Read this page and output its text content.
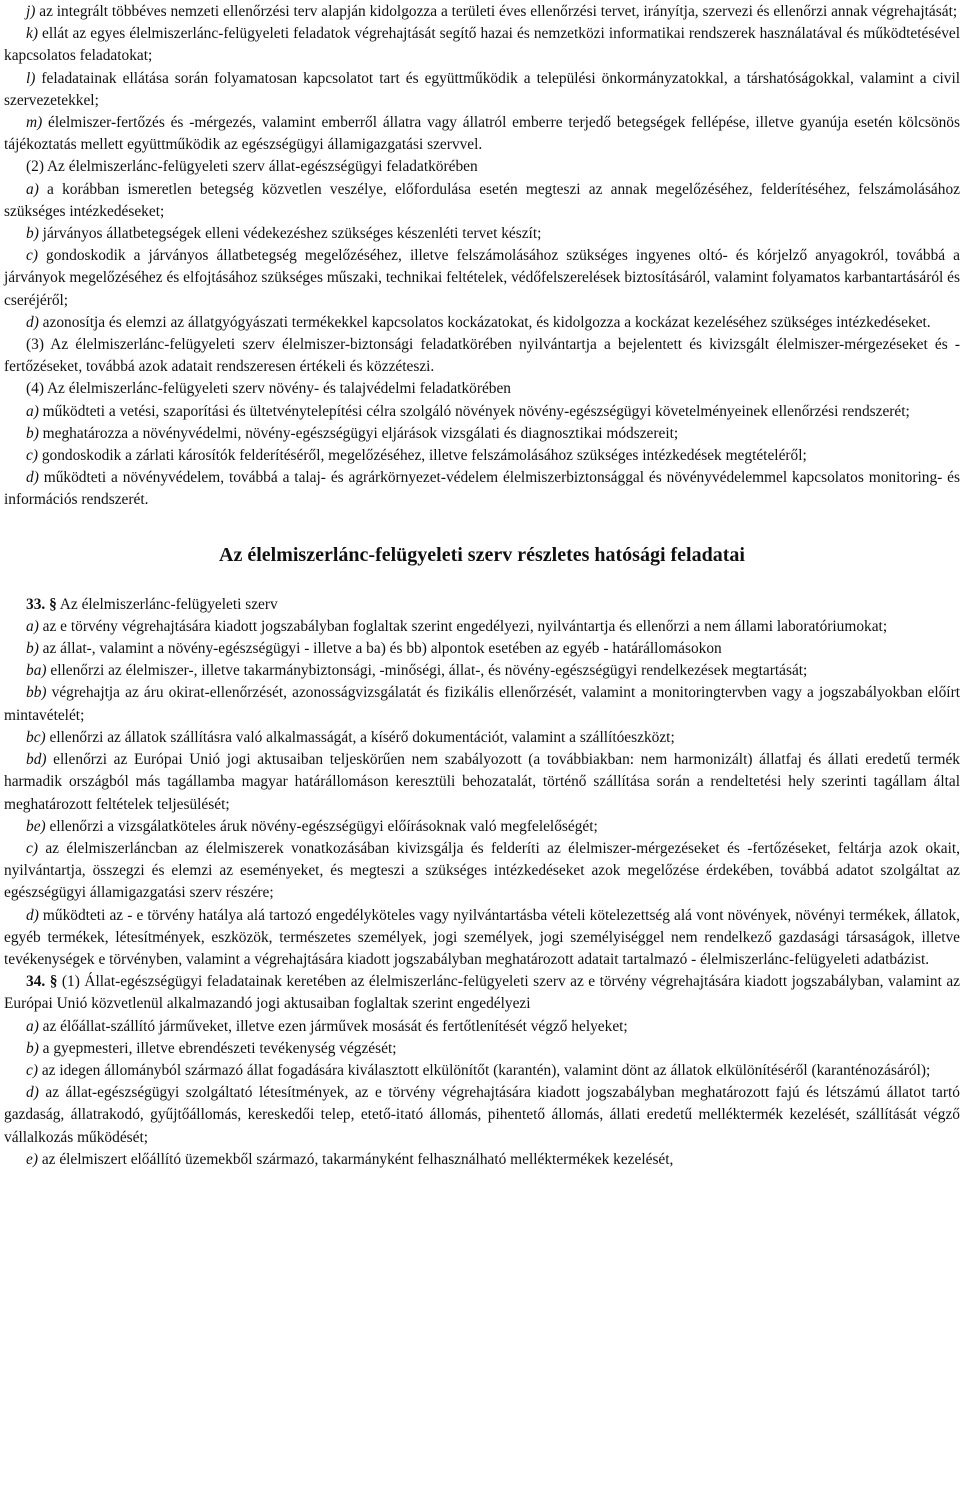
j) az integrált többéves nemzeti ellenőrzési terv alapján kidolgozza a területi éves ellenőrzési tervet, irányítja, szervezi és ellenőrzi annak végrehajtását;

k) ellát az egyes élelmiszerlánc-felügyeleti feladatok végrehajtását segítő hazai és nemzetközi informatikai rendszerek használatával és működtetésével kapcsolatos feladatokat;

l) feladatainak ellátása során folyamatosan kapcsolatot tart és együttműködik a települési önkormányzatokkal, a társhatóságokkal, valamint a civil szervezetekkel;

m) élelmiszer-fertőzés és -mérgezés, valamint emberről állatra vagy állatról emberre terjedő betegségek fellépése, illetve gyanúja esetén kölcsönös tájékoztatás mellett együttműködik az egészségügyi államigazgatási szervvel.

(2) Az élelmiszerlánc-felügyeleti szerv állat-egészségügyi feladatkörében

a) a korábban ismeretlen betegség közvetlen veszélye, előfordulása esetén megteszi az annak megelőzéséhez, felderítéséhez, felszámolásához szükséges intézkedéseket;

b) járványos állatbetegségek elleni védekezéshez szükséges készenléti tervet készít;

c) gondoskodik a járványos állatbetegség megelőzéséhez, illetve felszámolásához szükséges ingyenes oltó- és kórjelző anyagokról, továbbá a járványok megelőzéséhez és elfojtásához szükséges műszaki, technikai feltételek, védőfelszerelések biztosításáról, valamint folyamatos karbantartásáról és cseréjéről;

d) azonosítja és elemzi az állatgyógyászati termékekkel kapcsolatos kockázatokat, és kidolgozza a kockázat kezeléséhez szükséges intézkedéseket.

(3) Az élelmiszerlánc-felügyeleti szerv élelmiszer-biztonsági feladatkörében nyilvántartja a bejelentett és kivizsgált élelmiszer-mérgezéseket és -fertőzéseket, továbbá azok adatait rendszeresen értékeli és közzéteszi.

(4) Az élelmiszerlánc-felügyeleti szerv növény- és talajvédelmi feladatkörében

a) működteti a vetési, szaporítási és ültetvénytelepítési célra szolgáló növények növény-egészségügyi követelményeinek ellenőrzési rendszerét;

b) meghatározza a növényvédelmi, növény-egészségügyi eljárások vizsgálati és diagnosztikai módszereit;

c) gondoskodik a zárlati károsítók felderítéséről, megelőzéséhez, illetve felszámolásához szükséges intézkedések megtételéről;

d) működteti a növényvédelem, továbbá a talaj- és agrárkörnyezet-védelem élelmiszerbiztonsággal és növényvédelemmel kapcsolatos monitoring- és információs rendszerét.

Az élelmiszerlánc-felügyeleti szerv részletes hatósági feladatai

33. § Az élelmiszerlánc-felügyeleti szerv

a) az e törvény végrehajtására kiadott jogszabályban foglaltak szerint engedélyezi, nyilvántartja és ellenőrzi a nem állami laboratóriumokat;

b) az állat-, valamint a növény-egészségügyi - illetve a ba) és bb) alpontok esetében az egyéb - határállomásokon

ba) ellenőrzi az élelmiszer-, illetve takarmánybiztonsági, -minőségi, állat-, és növény-egészségügyi rendelkezések megtartását;

bb) végrehajtja az áru okirat-ellenőrzését, azonosságvizsgálatát és fizikális ellenőrzését, valamint a monitoringtervben vagy a jogszabályokban előírt mintavételét;

bc) ellenőrzi az állatok szállításra való alkalmasságát, a kísérő dokumentációt, valamint a szállítóeszközt;

bd) ellenőrzi az Európai Unió jogi aktusaiban teljeskörűen nem szabályozott (a továbbiakban: nem harmonizált) állatfaj és állati eredetű termék harmadik országból más tagállamba magyar határállomáson keresztüli behozatalát, történő szállítása során a rendeltetési hely szerinti tagállam által meghatározott feltételek teljesülését;

be) ellenőrzi a vizsgálatköteles áruk növény-egészségügyi előírásoknak való megfelelőségét;

c) az élelmiszerláncban az élelmiszerek vonatkozásában kivizsgálja és felderíti az élelmiszer-mérgezéseket és -fertőzéseket, feltárja azok okait, nyilvántartja, összegzi és elemzi az eseményeket, és megteszi a szükséges intézkedéseket azok megelőzése érdekében, továbbá adatot szolgáltat az egészségügyi államigazgatási szerv részére;

d) működteti az - e törvény hatálya alá tartozó engedélyköteles vagy nyilvántartásba vételi kötelezettség alá vont növények, növényi termékek, állatok, egyéb termékek, létesítmények, eszközök, természetes személyek, jogi személyek, jogi személyiséggel nem rendelkező gazdasági társaságok, illetve tevékenységek e törvényben, valamint a végrehajtására kiadott jogszabályban meghatározott adatait tartalmazó - élelmiszerlánc-felügyeleti adatbázist.

34. § (1) Állat-egészségügyi feladatainak keretében az élelmiszerlánc-felügyeleti szerv az e törvény végrehajtására kiadott jogszabályban, valamint az Európai Unió közvetlenül alkalmazandó jogi aktusaiban foglaltak szerint engedélyezi

a) az élőállat-szállító járműveket, illetve ezen járművek mosását és fertőtlenítését végző helyeket;

b) a gyepmesteri, illetve ebrendészeti tevékenység végzését;

c) az idegen állományból származó állat fogadására kiválasztott elkülönítőt (karantén), valamint dönt az állatok elkülönítéséről (karanténozásáról);

d) az állat-egészségügyi szolgáltató létesítmények, az e törvény végrehajtására kiadott jogszabályban meghatározott fajú és létszámú állatot tartó gazdaság, állatrakodó, gyűjtőállomás, kereskedői telep, etető-itató állomás, pihentető állomás, állati eredetű melléktermék kezelését, szállítását végző vállalkozás működését;

e) az élelmiszert előállító üzemekből származó, takarmányként felhasználható melléktermékek kezelését,
